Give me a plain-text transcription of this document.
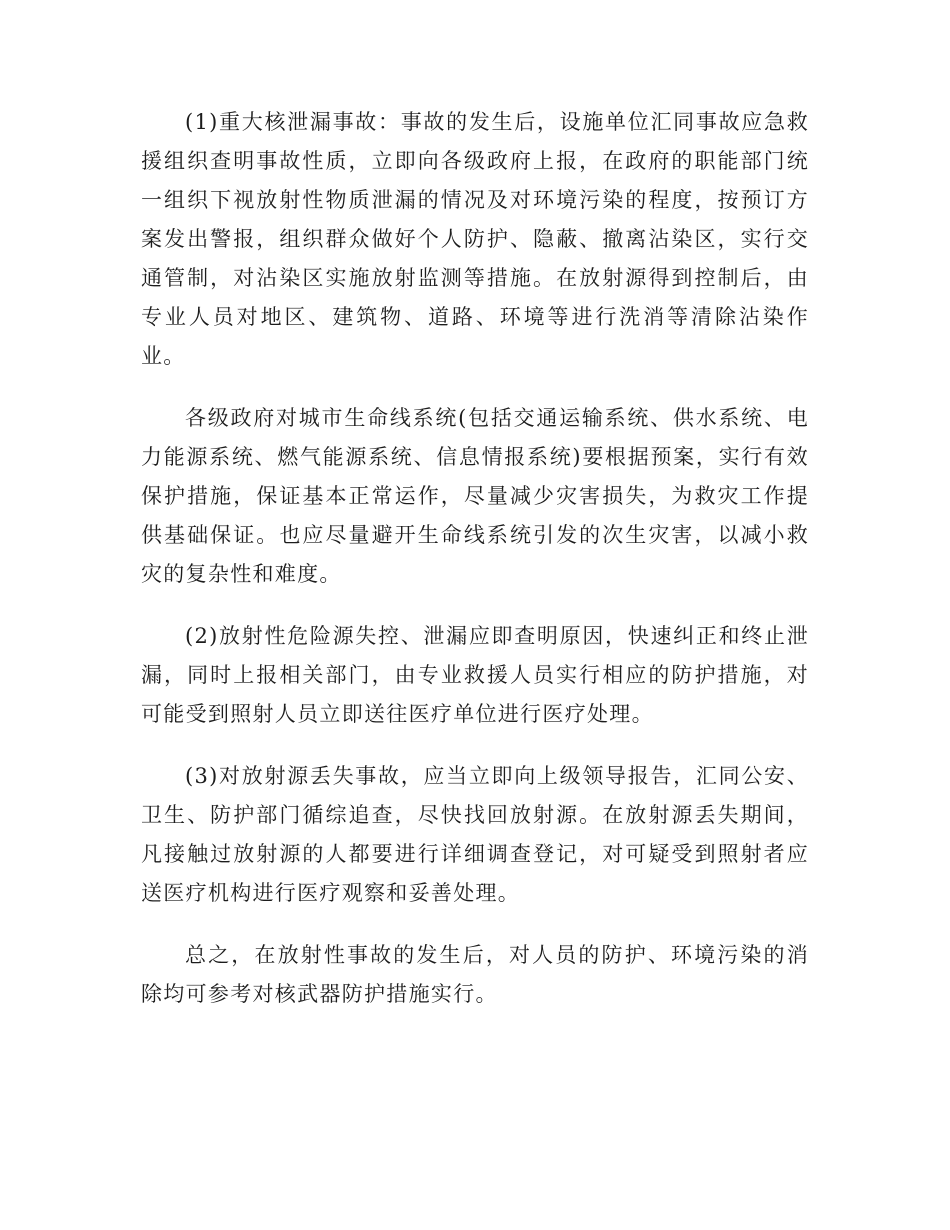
(1)重大核泄漏事故：事故的发生后，设施单位汇同事故应急救援组织查明事故性质，立即向各级政府上报，在政府的职能部门统一组织下视放射性物质泄漏的情况及对环境污染的程度，按预订方案发出警报，组织群众做好个人防护、隐蔽、撤离沾染区，实行交通管制，对沾染区实施放射监测等措施。在放射源得到控制后，由专业人员对地区、建筑物、道路、环境等进行洗消等清除沾染作业。

各级政府对城市生命线系统(包括交通运输系统、供水系统、电力能源系统、燃气能源系统、信息情报系统)要根据预案，实行有效保护措施，保证基本正常运作，尽量减少灾害损失，为救灾工作提供基础保证。也应尽量避开生命线系统引发的次生灾害，以减小救灾的复杂性和难度。

(2)放射性危险源失控、泄漏应即查明原因，快速纠正和终止泄漏，同时上报相关部门，由专业救援人员实行相应的防护措施，对可能受到照射人员立即送往医疗单位进行医疗处理。

(3)对放射源丢失事故，应当立即向上级领导报告，汇同公安、卫生、防护部门循综追查，尽快找回放射源。在放射源丢失期间，凡接触过放射源的人都要进行详细调查登记，对可疑受到照射者应送医疗机构进行医疗观察和妥善处理。

总之，在放射性事故的发生后，对人员的防护、环境污染的消除均可参考对核武器防护措施实行。
